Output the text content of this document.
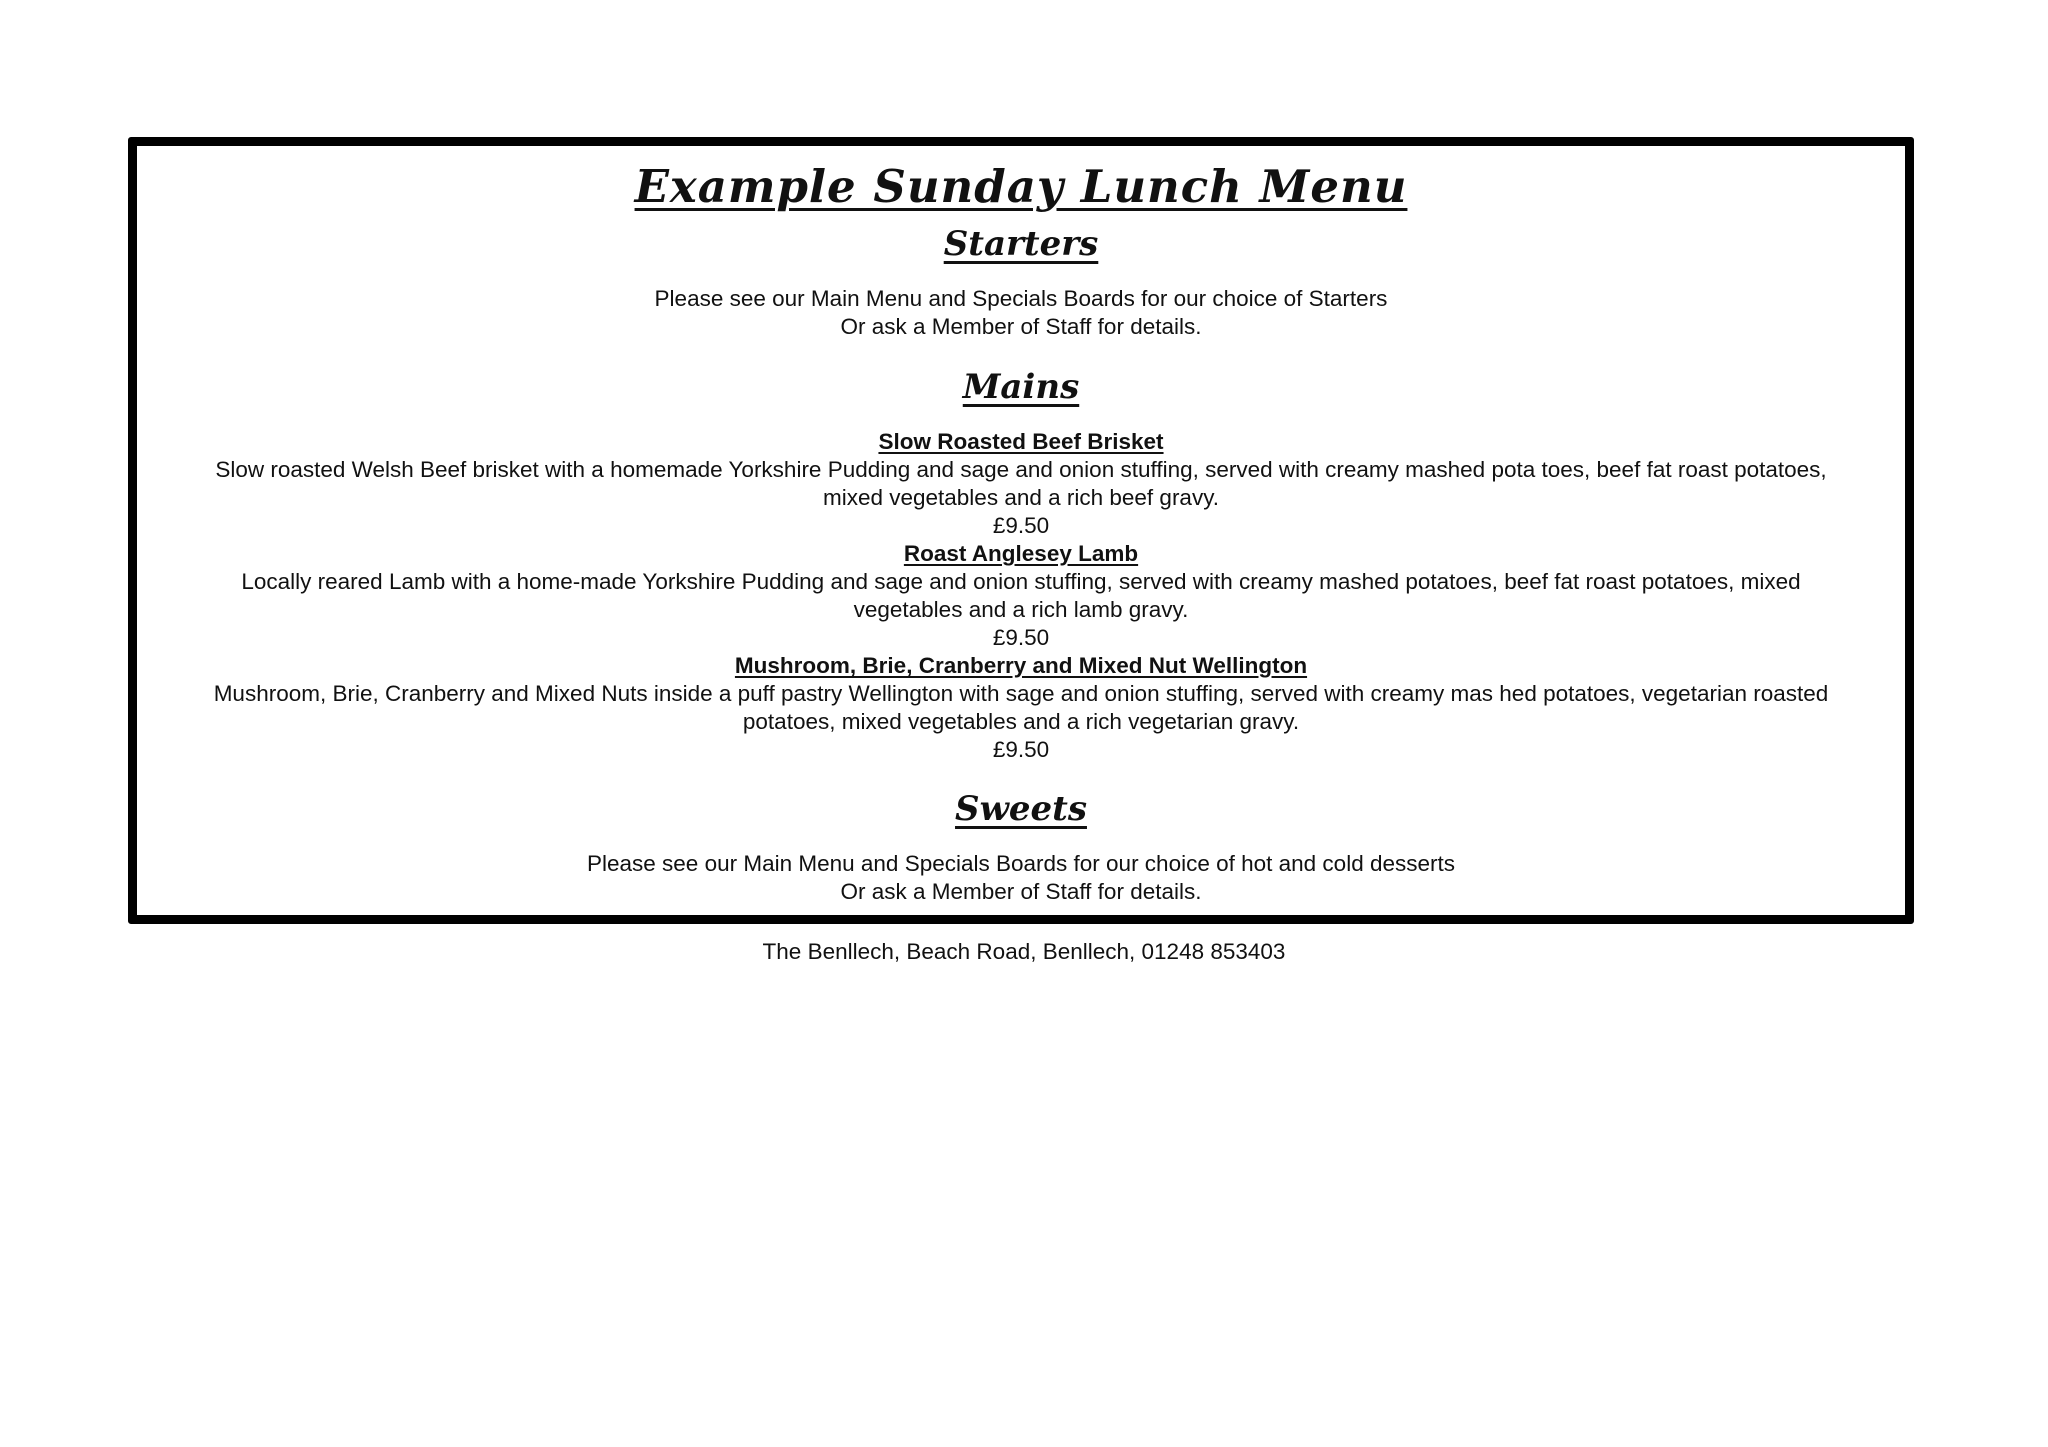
Example Sunday Lunch Menu
Starters
Please see our Main Menu and Specials Boards for our choice of Starters
Or ask a Member of Staff for details.
Mains
Slow Roasted Beef Brisket
Slow roasted Welsh Beef brisket with a homemade Yorkshire Pudding and sage and onion stuffing, served with creamy mashed pota toes, beef fat roast potatoes,
mixed vegetables and a rich beef gravy.
£9.50
Roast Anglesey Lamb
Locally reared Lamb with a home-made Yorkshire Pudding and sage and onion stuffing, served with creamy mashed potatoes, beef fat roast potatoes, mixed
vegetables and a rich lamb gravy.
£9.50
Mushroom, Brie, Cranberry and Mixed Nut Wellington
Mushroom, Brie, Cranberry and Mixed Nuts inside a puff pastry Wellington with sage and onion stuffing, served with creamy mas hed potatoes, vegetarian roasted
potatoes, mixed vegetables and a rich vegetarian gravy.
£9.50
Sweets
Please see our Main Menu and Specials Boards for our choice of hot and cold desserts
Or ask a Member of Staff for details.
The Benllech, Beach Road, Benllech, 01248 853403
